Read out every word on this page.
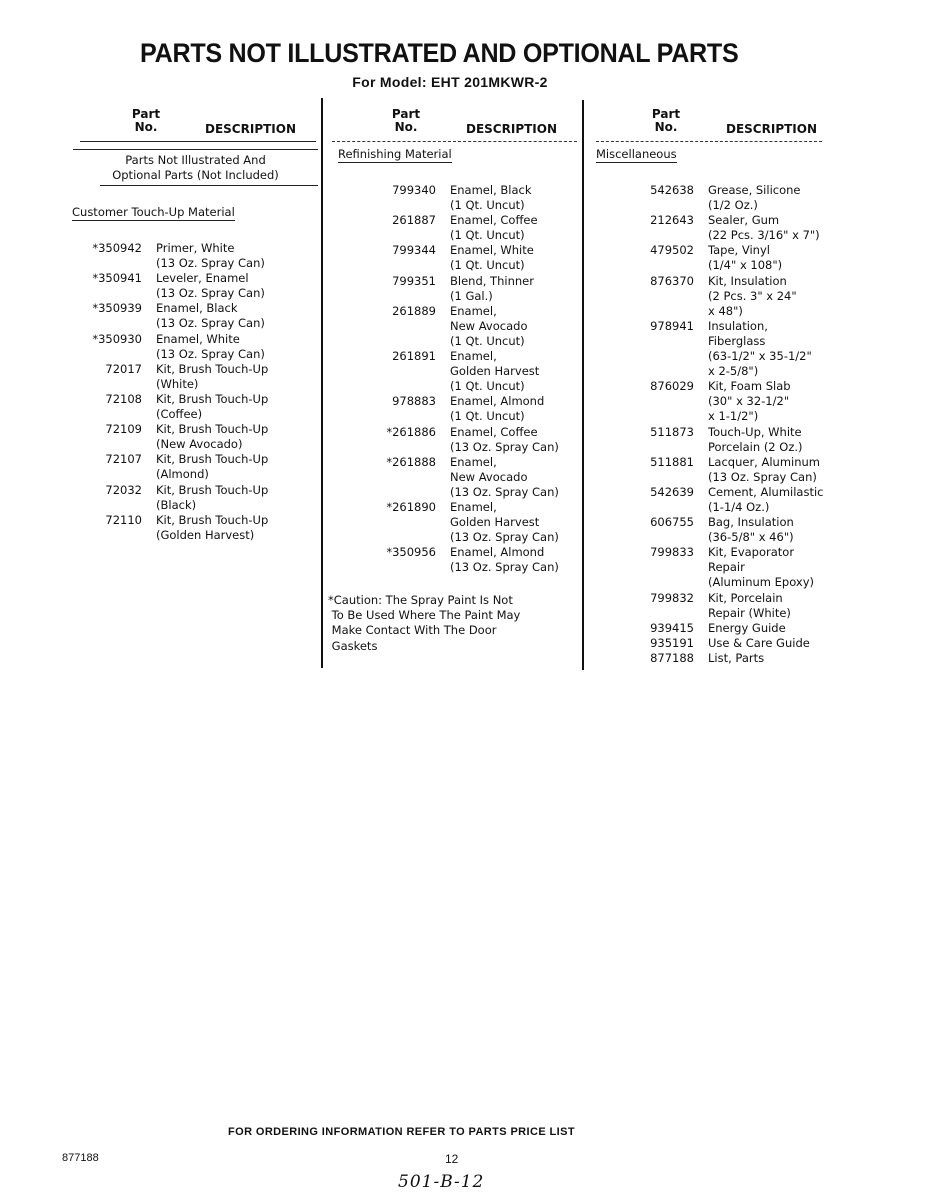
PARTS NOT ILLUSTRATED AND OPTIONAL PARTS
For Model: EHT 201MKWR-2
Part
No.	DESCRIPTION
Parts Not Illustrated And
Optional Parts (Not Included)
Customer Touch-Up Material
*350942	Primer, White
(13 Oz. Spray Can)
*350941	Leveler, Enamel
(13 Oz. Spray Can)
*350939	Enamel, Black
(13 Oz. Spray Can)
*350930	Enamel, White
(13 Oz. Spray Can)
72017	Kit, Brush Touch-Up
(White)
72108	Kit, Brush Touch-Up
(Coffee)
72109	Kit, Brush Touch-Up
(New Avocado)
72107	Kit, Brush Touch-Up
(Almond)
72032	Kit, Brush Touch-Up
(Black)
72110	Kit, Brush Touch-Up
(Golden Harvest)
Part
No.	DESCRIPTION
Refinishing Material
799340	Enamel, Black
(1 Qt. Uncut)
261887	Enamel, Coffee
(1 Qt. Uncut)
799344	Enamel, White
(1 Qt. Uncut)
799351	Blend, Thinner
(1 Gal.)
261889	Enamel,
New Avocado
(1 Qt. Uncut)
261891	Enamel,
Golden Harvest
(1 Qt. Uncut)
978883	Enamel, Almond
(1 Qt. Uncut)
*261886	Enamel, Coffee
(13 Oz. Spray Can)
*261888	Enamel,
New Avocado
(13 Oz. Spray Can)
*261890	Enamel,
Golden Harvest
(13 Oz. Spray Can)
*350956	Enamel, Almond
(13 Oz. Spray Can)
*Caution: The Spray Paint Is Not
To Be Used Where The Paint May
Make Contact With The Door
Gaskets
Part
No.	DESCRIPTION
Miscellaneous
542638	Grease, Silicone
(1/2 Oz.)
212643	Sealer, Gum
(22 Pcs. 3/16" x 7")
479502	Tape, Vinyl
(1/4" x 108")
876370	Kit, Insulation
(2 Pcs. 3" x 24"
x 48")
978941	Insulation,
Fiberglass
(63-1/2" x 35-1/2"
x 2-5/8")
876029	Kit, Foam Slab
(30" x 32-1/2"
x 1-1/2")
511873	Touch-Up, White
Porcelain (2 Oz.)
511881	Lacquer, Aluminum
(13 Oz. Spray Can)
542639	Cement, Alumilastic
(1-1/4 Oz.)
606755	Bag, Insulation
(36-5/8" x 46")
799833	Kit, Evaporator
Repair
(Aluminum Epoxy)
799832	Kit, Porcelain
Repair (White)
939415	Energy Guide
935191	Use & Care Guide
877188	List, Parts
FOR ORDERING INFORMATION REFER TO PARTS PRICE LIST
877188	12
501-B-12
